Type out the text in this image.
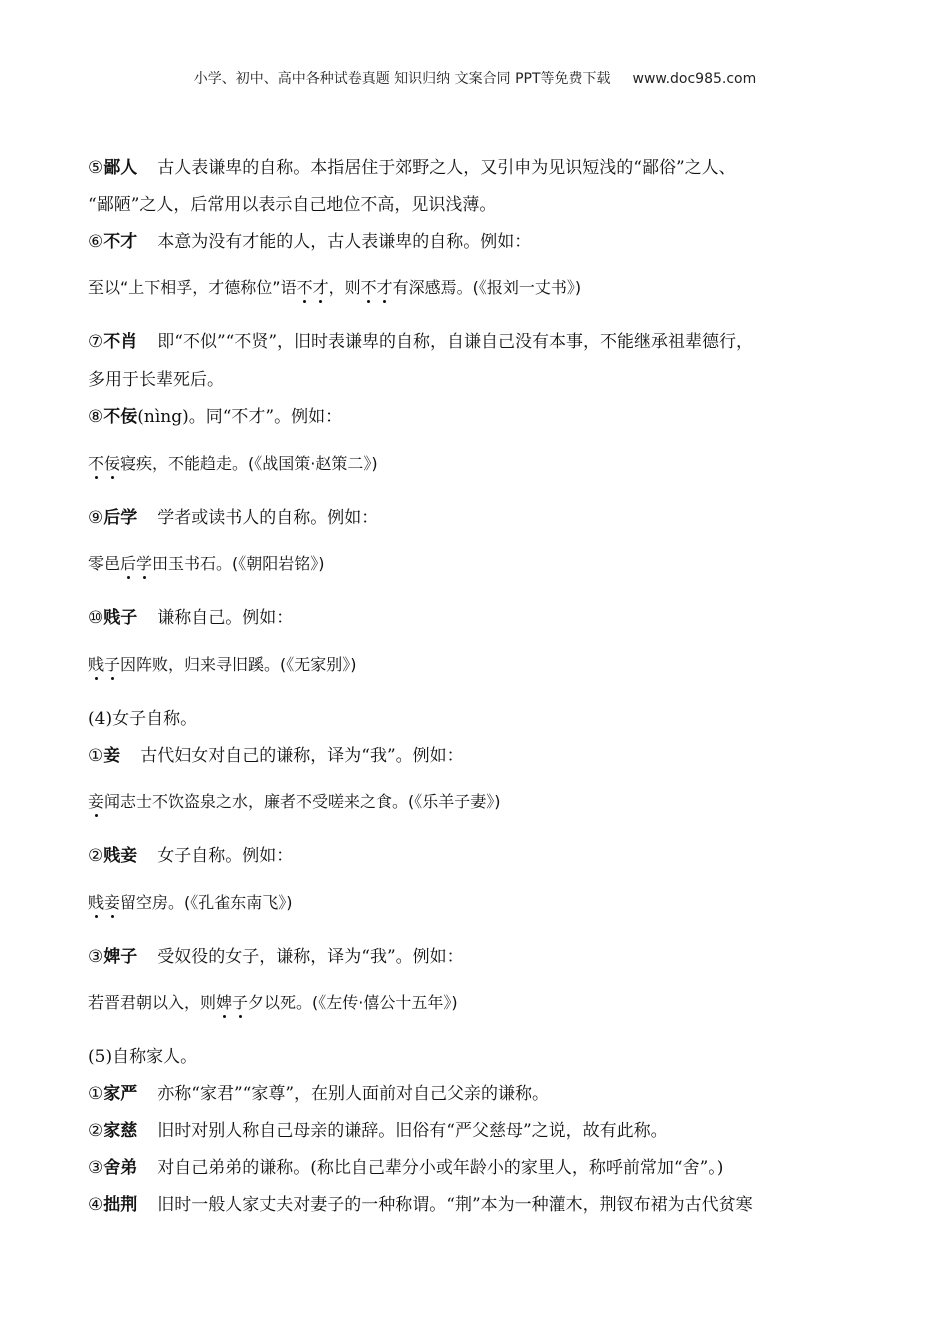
小学、初中、高中各种试卷真题 知识归纳 文案合同 PPT等免费下载 www.doc985.com
⑤鄙人 古人表谦卑的自称。本指居住于郊野之人，又引申为见识短浅的“鄙俗”之人、
“鄙陋”之人，后常用以表示自己地位不高，见识浅薄。
⑥不才 本意为没有才能的人，古人表谦卑的自称。例如：
至以“上下相孚，才德称位”语不才，则不才有深感焉。(《报刘一丈书》)
⑦不肖 即“不似”“不贤”，旧时表谦卑的自称，自谦自己没有本事，不能继承祖辈德行，
多用于长辈死后。
⑧不佞(nìng)。同“不才”。例如：
不佞寝疾，不能趋走。(《战国策·赵策二》)
⑨后学 学者或读书人的自称。例如：
零邑后学田玉书石。(《朝阳岩铭》)
⑩贱子 谦称自己。例如：
贱子因阵败，归来寻旧蹊。(《无家别》)
(4)女子自称。
①妾 古代妇女对自己的谦称，译为“我”。例如：
妾闻志士不饮盗泉之水，廉者不受嗟来之食。(《乐羊子妻》)
②贱妾 女子自称。例如：
贱妾留空房。(《孔雀东南飞》)
③婢子 受奴役的女子，谦称，译为“我”。例如：
若晋君朝以入，则婢子夕以死。(《左传·僖公十五年》)
(5)自称家人。
①家严 亦称“家君”“家尊”，在别人面前对自己父亲的谦称。
②家慈 旧时对别人称自己母亲的谦辞。旧俗有“严父慈母”之说，故有此称。
③舍弟 对自己弟弟的谦称。(称比自己辈分小或年龄小的家里人，称呼前常加“舍”。)
④拙荆 旧时一般人家丈夫对妻子的一种称谓。“荆”本为一种灌木，荆钗布裙为古代贫寒
